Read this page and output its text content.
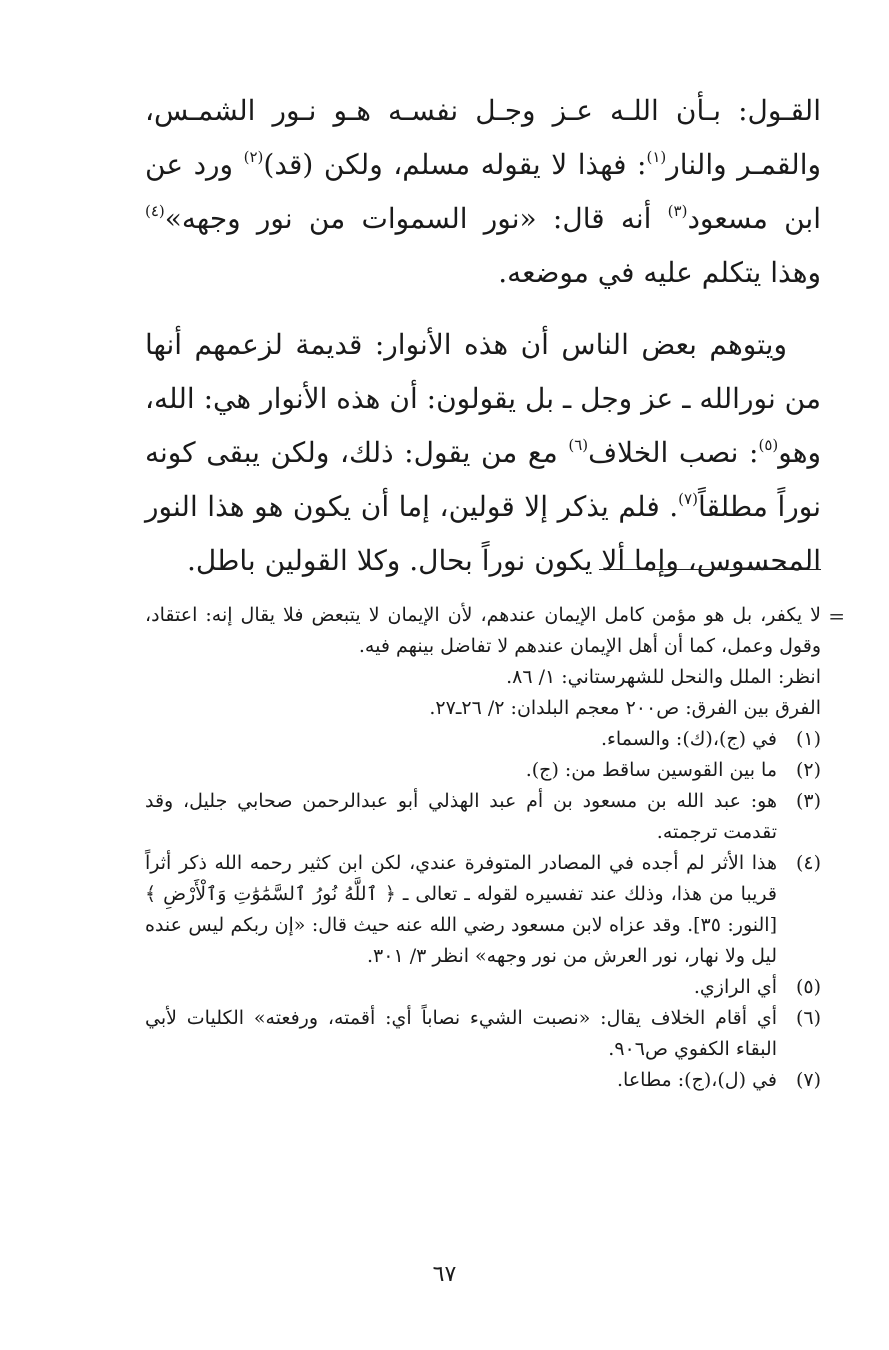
القـول: بـأن اللـه عـز وجـل نفسـه هـو نـور الشمـس، والقمـر والنار$^{(١)}$: فهذا لا يقوله مسلم، ولكن (قد)$^{(٢)}$ ورد عن ابن مسعود$^{(٣)}$ أنه قال: «نور السموات من نور وجهه»$^{(٤)}$ وهذا يتكلم عليه في موضعه.

ويتوهم بعض الناس أن هذه الأنوار: قديمة لزعمهم أنها من نورالله ـ عز وجل ـ بل يقولون: أن هذه الأنوار هي: الله، وهو$^{(٥)}$: نصب الخلاف$^{(٦)}$ مع من يقول: ذلك، ولكن يبقى كونه نوراً مطلقاً$^{(٧)}$. فلم يذكر إلا قولين، إما أن يكون هو هذا النور المحسوس، وإما ألا يكون نوراً بحال. وكلا القولين باطل.

=

لا يكفر، بل هو مؤمن كامل الإيمان عندهم، لأن الإيمان لا يتبعض فلا يقال إنه: اعتقاد، وقول وعمل، كما أن أهل الإيمان عندهم لا تفاضل بينهم فيه.

انظر: الملل والنحل للشهرستاني: ١/ ٨٦.

الفرق بين الفرق: ص٢٠٠ معجم البلدان: ٢/ ٢٦ـ٢٧.

(١)
في (ج)،(ك): والسماء.
(٢)
ما بين القوسين ساقط من: (ج).
(٣)
هو: عبد الله بن مسعود بن أم عبد الهذلي أبو عبدالرحمن صحابي جليل، وقد تقدمت ترجمته.
(٤)
هذا الأثر لم أجده في المصادر المتوفرة عندي، لكن ابن كثير رحمه الله ذكر أثراً قريبا من هذا، وذلك عند تفسيره لقوله ـ تعالى ـ ﴿ ٱللَّهُ نُورُ ٱلسَّمَٰوَٰتِ وَٱلْأَرْضِ ﴾ [النور: ٣٥]. وقد عزاه لابن مسعود رضي الله عنه حيث قال: «إن ربكم ليس عنده ليل ولا نهار، نور العرش من نور وجهه» انظر ٣/ ٣٠١.
(٥)
أي الرازي.
(٦)
أي أقام الخلاف يقال: «نصبت الشيء نصاباً أي: أقمته، ورفعته» الكليات لأبي البقاء الكفوي ص٩٠٦.
(٧)
في (ل)،(ج): مطاعا.
٦٧
